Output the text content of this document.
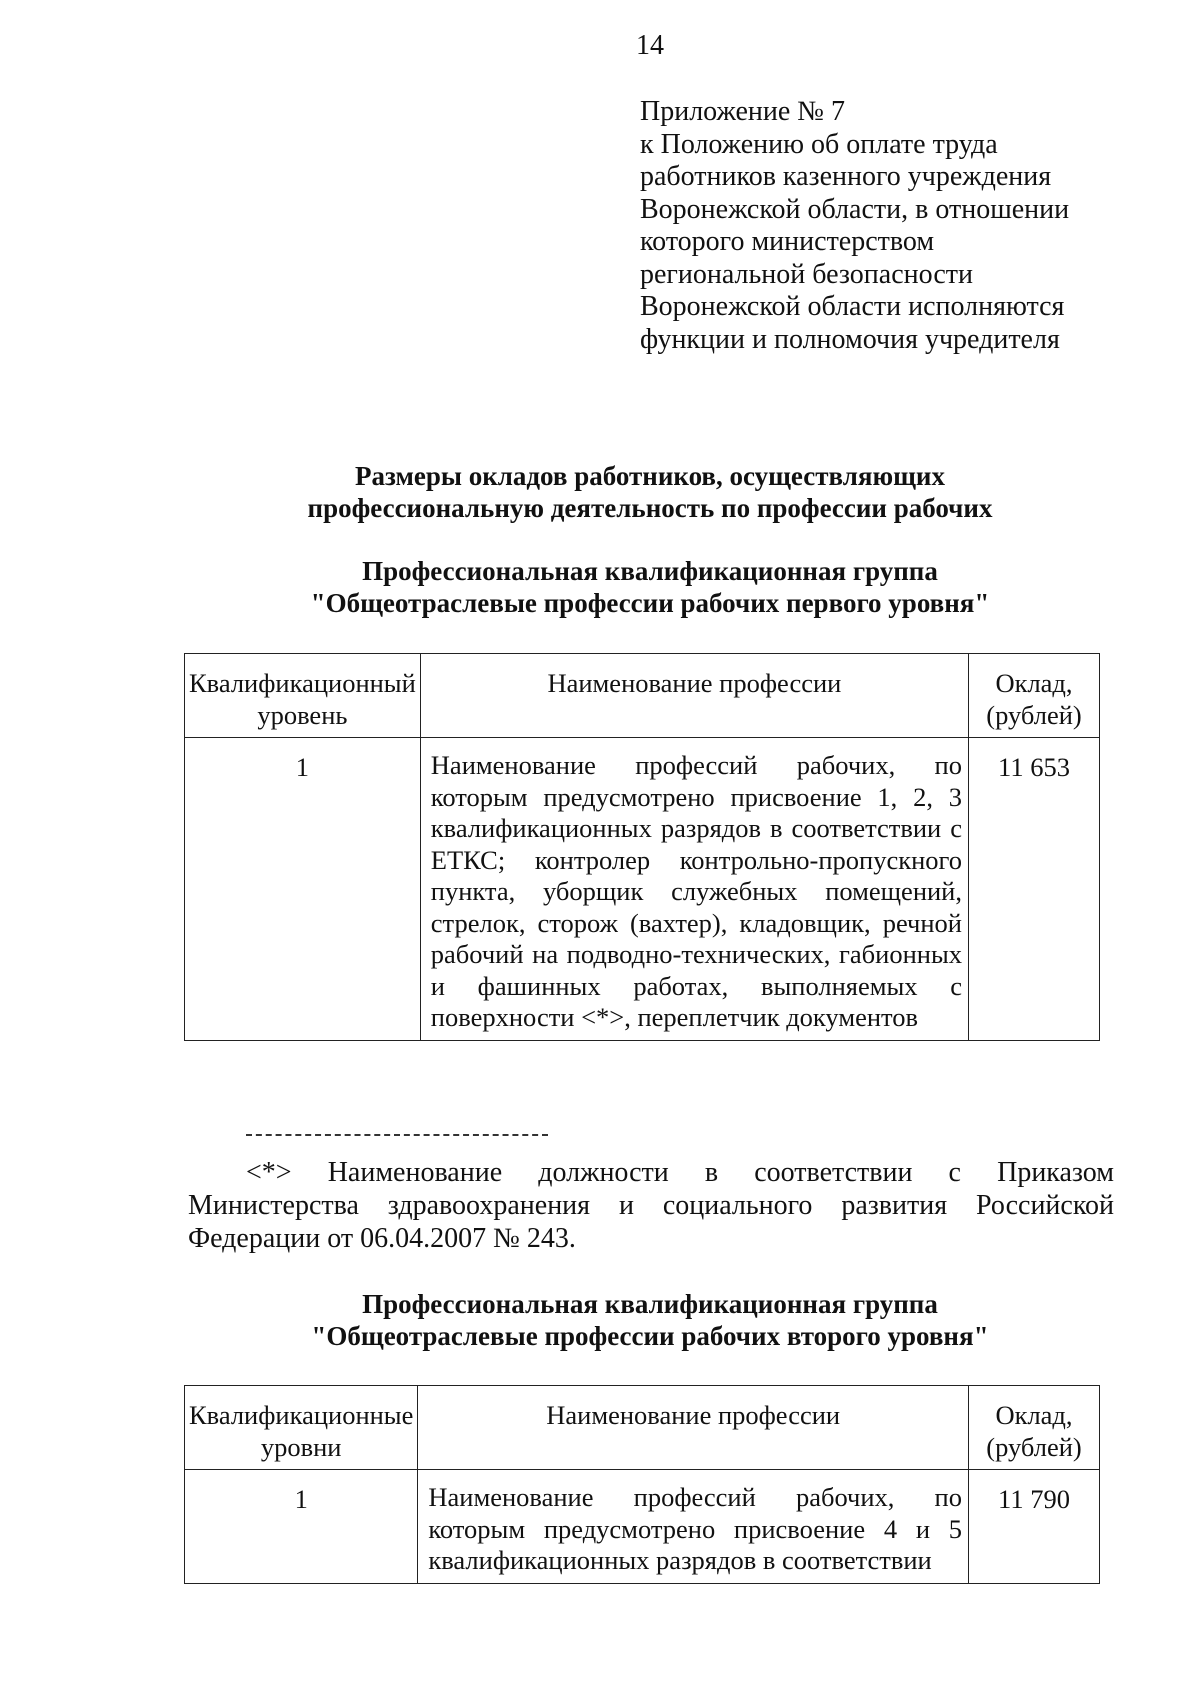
14
Приложение № 7
к Положению об оплате труда
работников казенного учреждения
Воронежской области, в отношении
которого министерством
региональной безопасности
Воронежской области исполняются
функции и полномочия учредителя
Размеры окладов работников, осуществляющих
профессиональную деятельность по профессии рабочих
Профессиональная квалификационная группа
"Общеотраслевые профессии рабочих первого уровня"
Квалификационный уровень	Наименование профессии	Оклад, (рублей)
1	Наименование профессий рабочих, по которым предусмотрено присвоение 1, 2, 3 квалификационных разрядов в соответствии с ЕТКС; контролер контрольно-пропускного пункта, уборщик служебных помещений, стрелок, сторож (вахтер), кладовщик, речной рабочий на подводно-технических, габионных и фашинных работах, выполняемых с поверхности <*>, переплетчик документов	11 653
<*> Наименование должности в соответствии с Приказом Министерства здравоохранения и социального развития Российской Федерации от 06.04.2007 № 243.
Профессиональная квалификационная группа
"Общеотраслевые профессии рабочих второго уровня"
Квалификационные уровни	Наименование профессии	Оклад, (рублей)
1	Наименование профессий рабочих, по которым предусмотрено присвоение 4 и 5 квалификационных разрядов в соответствии	11 790
